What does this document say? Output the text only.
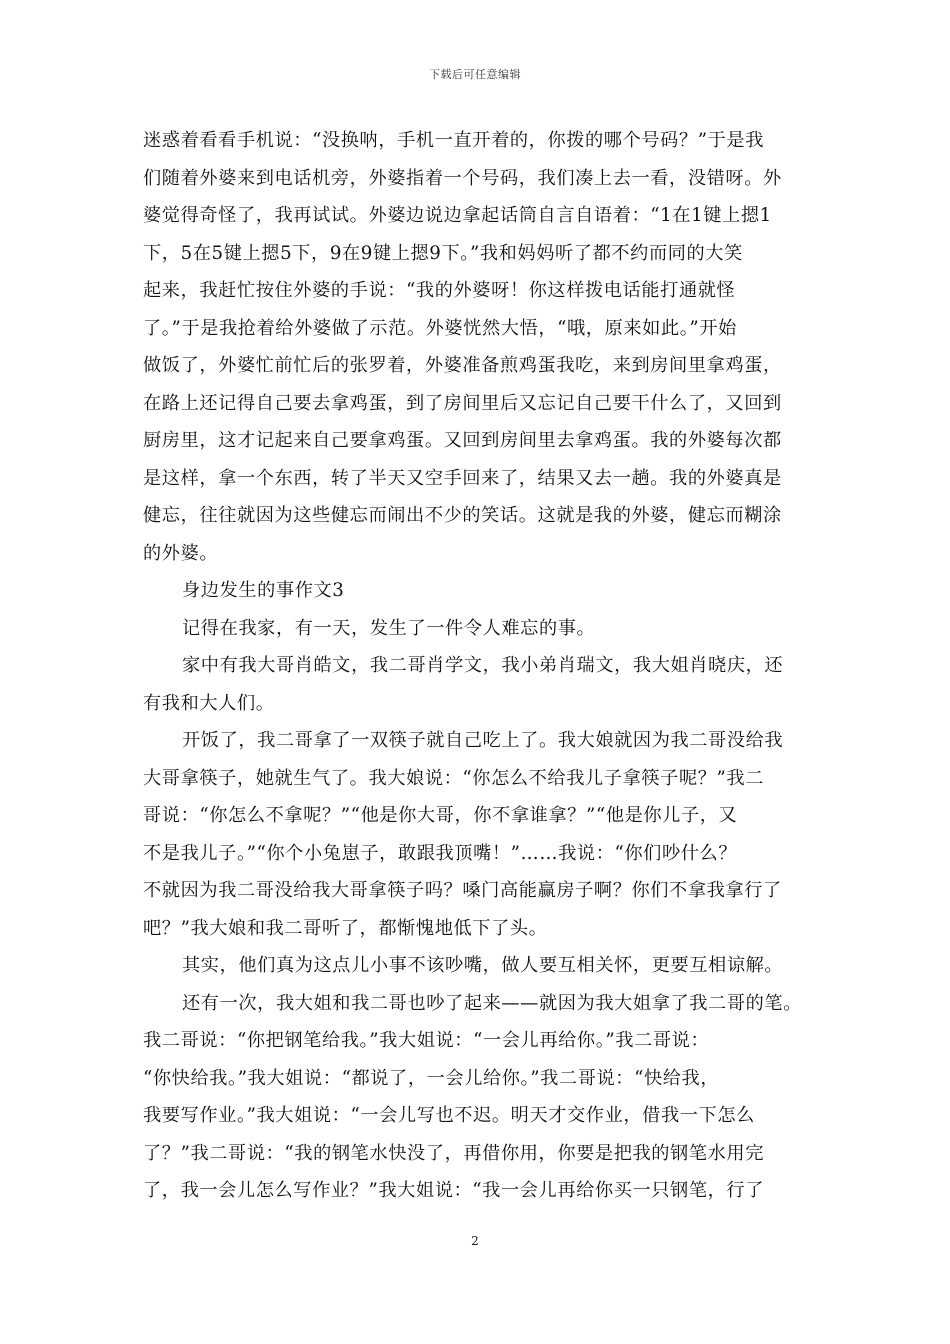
下载后可任意编辑
迷惑着看看手机说：“没换呐，手机一直开着的，你拨的哪个号码？”于是我
们随着外婆来到电话机旁，外婆指着一个号码，我们凑上去一看，没错呀。外
婆觉得奇怪了，我再试试。外婆边说边拿起话筒自言自语着：“1在1键上摁1
下，5在5键上摁5下，9在9键上摁9下。”我和妈妈听了都不约而同的大笑
起来，我赶忙按住外婆的手说：“我的外婆呀！你这样拨电话能打通就怪
了。”于是我抢着给外婆做了示范。外婆恍然大悟，“哦，原来如此。”开始
做饭了，外婆忙前忙后的张罗着，外婆准备煎鸡蛋我吃，来到房间里拿鸡蛋，
在路上还记得自己要去拿鸡蛋，到了房间里后又忘记自己要干什么了，又回到
厨房里，这才记起来自己要拿鸡蛋。又回到房间里去拿鸡蛋。我的外婆每次都
是这样，拿一个东西，转了半天又空手回来了，结果又去一趟。我的外婆真是
健忘，往往就因为这些健忘而闹出不少的笑话。这就是我的外婆，健忘而糊涂
的外婆。
身边发生的事作文3
记得在我家，有一天，发生了一件令人难忘的事。
家中有我大哥肖皓文，我二哥肖学文，我小弟肖瑞文，我大姐肖晓庆，还
有我和大人们。
开饭了，我二哥拿了一双筷子就自己吃上了。我大娘就因为我二哥没给我
大哥拿筷子，她就生气了。我大娘说：“你怎么不给我儿子拿筷子呢？”我二
哥说：“你怎么不拿呢？”“他是你大哥，你不拿谁拿？”“他是你儿子，又
不是我儿子。”“你个小兔崽子，敢跟我顶嘴！”……我说：“你们吵什么？
不就因为我二哥没给我大哥拿筷子吗？嗓门高能赢房子啊？你们不拿我拿行了
吧？”我大娘和我二哥听了，都惭愧地低下了头。
其实，他们真为这点儿小事不该吵嘴，做人要互相关怀，更要互相谅解。
还有一次，我大姐和我二哥也吵了起来——就因为我大姐拿了我二哥的笔。
我二哥说：“你把钢笔给我。”我大姐说：“一会儿再给你。”我二哥说：
“你快给我。”我大姐说：“都说了，一会儿给你。”我二哥说：“快给我，
我要写作业。”我大姐说：“一会儿写也不迟。明天才交作业，借我一下怎么
了？”我二哥说：“我的钢笔水快没了，再借你用，你要是把我的钢笔水用完
了，我一会儿怎么写作业？”我大姐说：“我一会儿再给你买一只钢笔，行了
2
